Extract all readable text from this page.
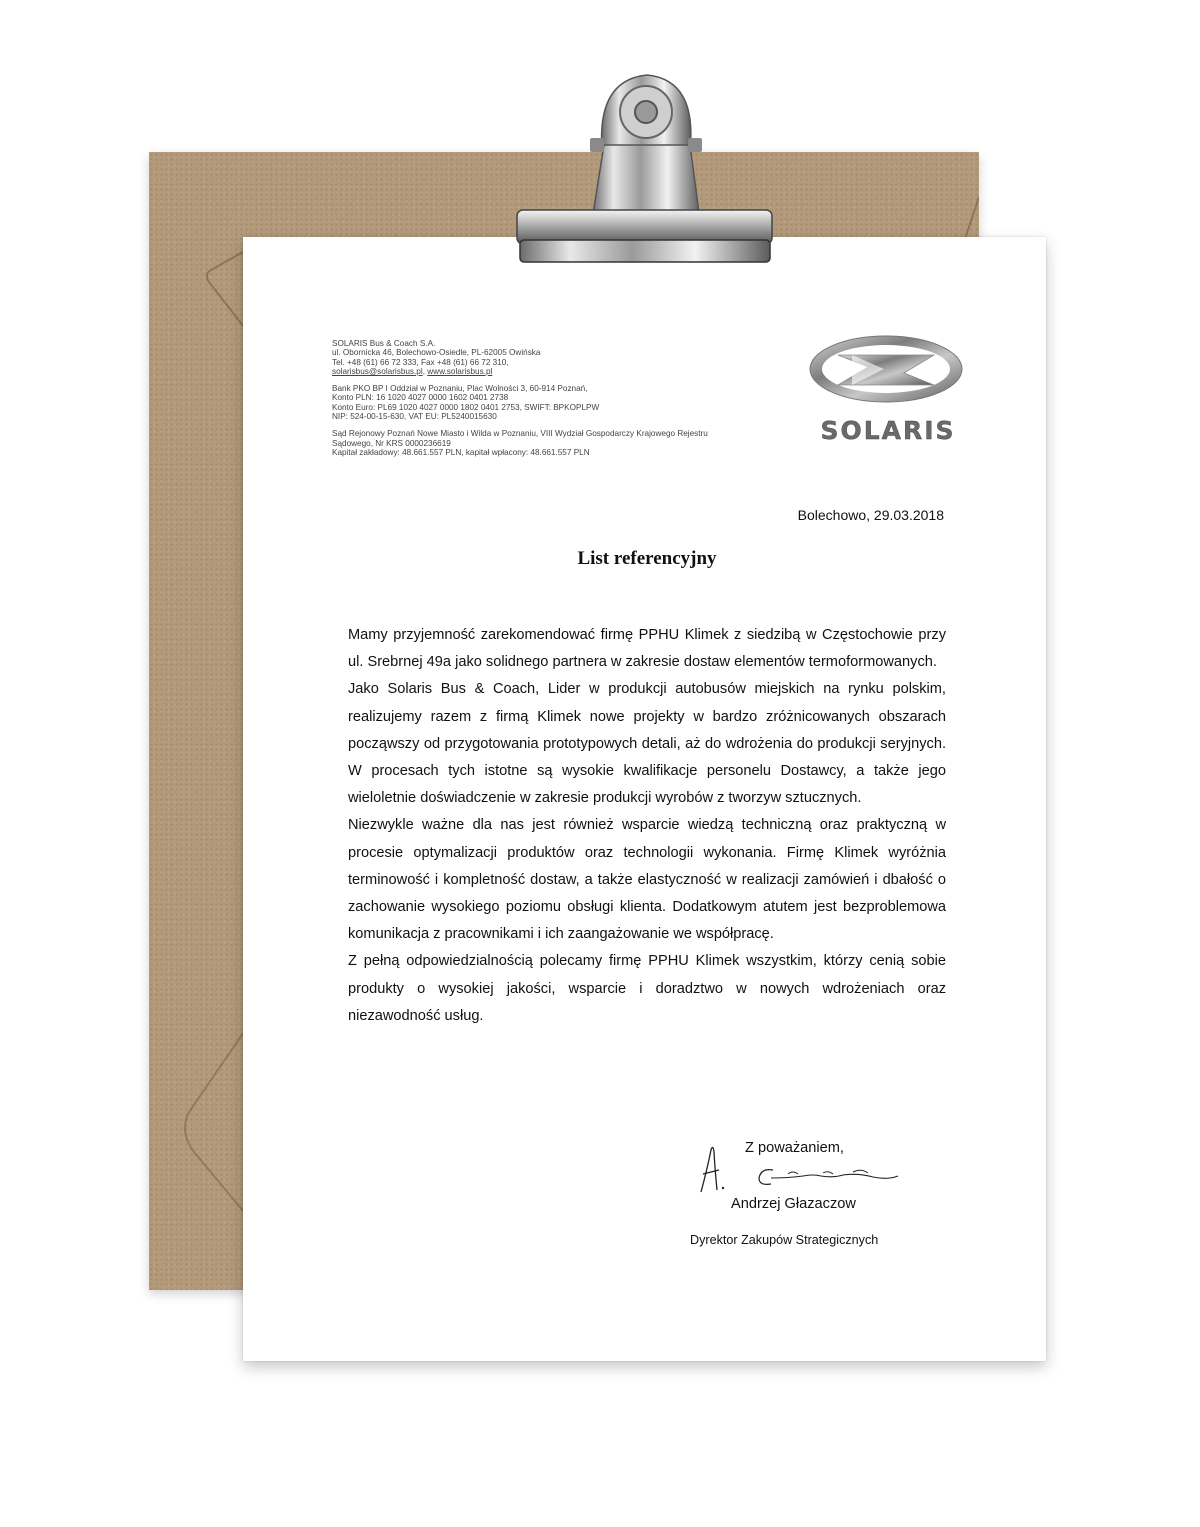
SOLARIS Bus & Coach S.A.
ul. Obornicka 46, Bolechowo-Osiedle, PL-62005 Owińska
Tel. +48 (61) 66 72 333, Fax +48 (61) 66 72 310,
solarisbus@solarisbus.pl, www.solarisbus.pl
Bank PKO BP I Oddział w Poznaniu, Plac Wolności 3, 60-914 Poznań,
Konto PLN: 16 1020 4027 0000 1602 0401 2738
Konto Euro: PL69 1020 4027 0000 1802 0401 2753, SWIFT: BPKOPLPW
NIP: 524-00-15-630, VAT EU: PL5240015630
Sąd Rejonowy Poznań Nowe Miasto i Wilda w Poznaniu, VIII Wydział Gospodarczy Krajowego Rejestru
Sądowego, Nr KRS 0000236619
Kapitał zakładowy: 48.661.557 PLN, kapitał wpłacony: 48.661.557 PLN
SOLARIS
Bolechowo, 29.03.2018
List referencyjny

Mamy przyjemność zarekomendować firmę PPHU Klimek z siedzibą w Częstochowie przy ul. Srebrnej 49a jako solidnego partnera w zakresie dostaw elementów termoformowanych.

Jako Solaris Bus & Coach, Lider w produkcji autobusów miejskich na rynku polskim, realizujemy razem z firmą Klimek nowe projekty w bardzo zróżnicowanych obszarach począwszy od przygotowania prototypowych detali, aż do wdrożenia do produkcji seryjnych. W procesach tych istotne są wysokie kwalifikacje personelu Dostawcy, a także jego wieloletnie doświadczenie w zakresie produkcji wyrobów z tworzyw sztucznych.

Niezwykle ważne dla nas jest również wsparcie wiedzą techniczną oraz praktyczną w procesie optymalizacji produktów oraz technologii wykonania. Firmę Klimek wyróżnia terminowość i kompletność dostaw, a także elastyczność w realizacji zamówień i dbałość o zachowanie wysokiego poziomu obsługi klienta. Dodatkowym atutem jest bezproblemowa komunikacja z pracownikami i ich zaangażowanie we współpracę.

Z pełną odpowiedzialnością polecamy firmę PPHU Klimek wszystkim, którzy cenią sobie produkty o wysokiej jakości, wsparcie i doradztwo w nowych wdrożeniach oraz niezawodność usług.

Z poważaniem,
Andrzej Głazaczow
Dyrektor Zakupów Strategicznych
